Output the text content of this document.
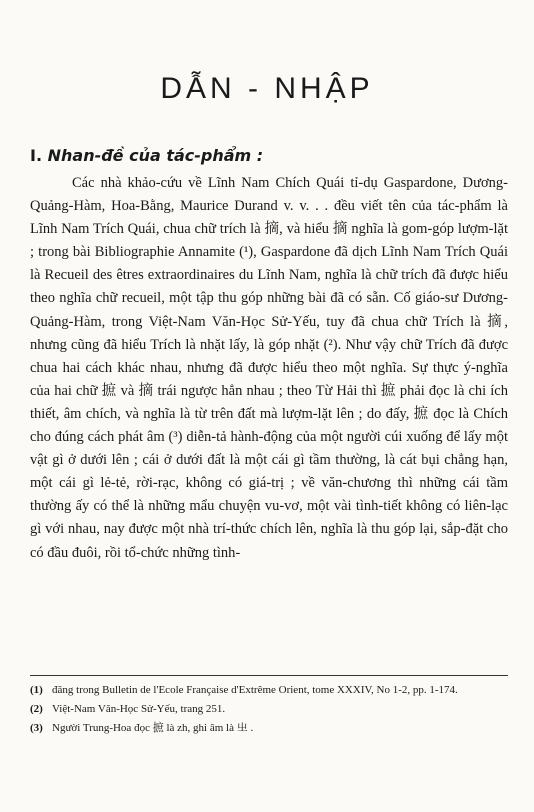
DẪN - NHẬP
I. Nhan-đề của tác-phẩm :

Các nhà khảo-cứu về Lĩnh Nam Chích Quái tỉ-dụ Gaspardone, Dương-Quảng-Hàm, Hoa-Bằng, Maurice Durand v. v. . . đều viết tên của tác-phẩm là Lĩnh Nam Trích Quái, chua chữ trích là 摘, và hiểu 摘 nghĩa là gom-góp lượm-lặt ; trong bài Bibliographie Annamite (¹), Gaspardone đã dịch Lĩnh Nam Trích Quái là Recueil des êtres extraordinaires du Lĩnh Nam, nghĩa là chữ trích đã được hiểu theo nghĩa chữ recueil, một tập thu góp những bài đã có sẵn. Cố giáo-sư Dương-Quảng-Hàm, trong Việt-Nam Văn-Học Sử-Yếu, tuy đã chua chữ Trích là 摘, nhưng cũng đã hiểu Trích là nhặt lấy, là góp nhặt (²). Như vậy chữ Trích đã được chua hai cách khác nhau, nhưng đã được hiểu theo một nghĩa. Sự thực ý-nghĩa của hai chữ 摭 và 摘 trái ngược hẳn nhau ; theo Từ Hải thì 摭 phải đọc là chi ích thiết, âm chích, và nghĩa là từ trên đất mà lượm-lặt lên ; do đấy, 摭 đọc là Chích cho đúng cách phát âm (³) diễn-tả hành-động của một người cúi xuống để lấy một vật gì ở dưới lên ; cái ở dưới đất là một cái gì tầm thường, là cát bụi chẳng hạn, một cái gì lẻ-tẻ, rời-rạc, không có giá-trị ; về văn-chương thì những cái tầm thường ấy có thể là những mẩu chuyện vu-vơ, một vài tình-tiết không có liên-lạc gì với nhau, nay được một nhà trí-thức chích lên, nghĩa là thu góp lại, sắp-đặt cho có đầu đuôi, rồi tổ-chức những tình-

(1) đăng trong Bulletin de l'Ecole Française d'Extrême Orient, tome XXXIV, No 1-2, pp. 1-174.
(2) Việt-Nam Văn-Học Sử-Yếu, trang 251.
(3) Người Trung-Hoa đọc 摭 là zh, ghi âm là 㞢 .
